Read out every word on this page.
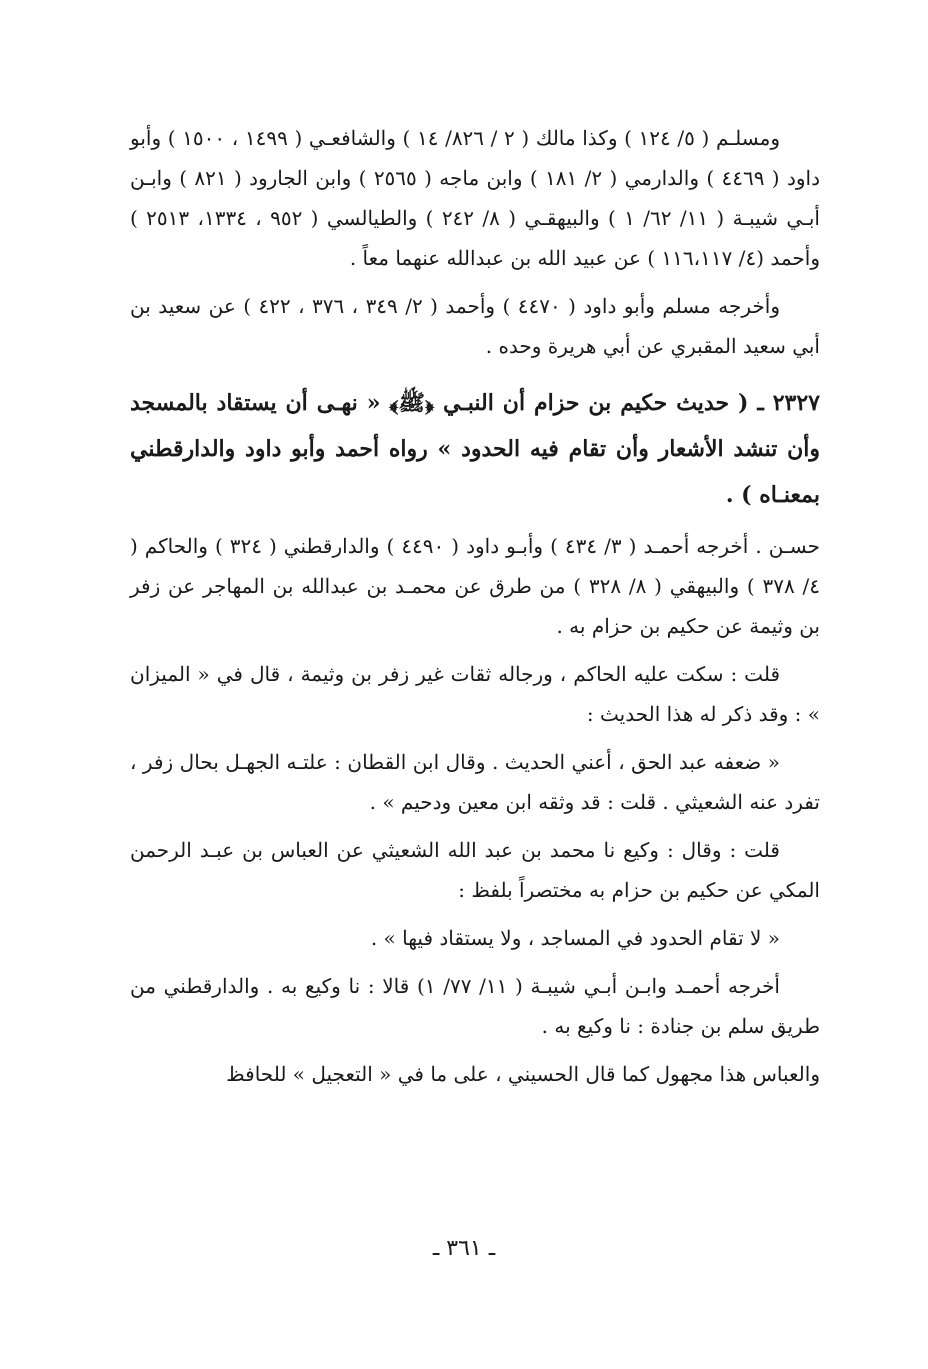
ومسلـم ( ٥/ ١٢٤ ) وكذا مالك ( ٢ / ٨٢٦/ ١٤ ) والشافعـي ( ١٤٩٩ ، ١٥٠٠ ) وأبو داود ( ٤٤٦٩ ) والدارمي ( ٢/ ١٨١ ) وابن ماجه ( ٢٥٦٥ ) وابن الجارود ( ٨٢١ ) وابـن أبـي شيبـة ( ١١/ ٦٢/ ١ ) والبيهقـي ( ٨/ ٢٤٢ ) والطيالسي ( ٩٥٢ ، ١٣٣٤، ٢٥١٣ ) وأحمد (٤/ ١١٦،١١٧ ) عن عبيد الله بن عبدالله عنهما معاً .

وأخرجه مسلم وأبو داود ( ٤٤٧٠ ) وأحمد ( ٢/ ٣٤٩ ، ٣٧٦ ، ٤٢٢ ) عن سعيد بن أبي سعيد المقبري عن أبي هريرة وحده .

٢٣٢٧ ـ ( حديث حكيم بن حزام أن النبـي ﴿ﷺ﴾ « نهـى أن يستقاد بالمسجد وأن تنشد الأشعار وأن تقام فيه الحدود » رواه أحمد وأبو داود والدارقطني بمعنـاه ) .

حسـن . أخرجه أحمـد ( ٣/ ٤٣٤ ) وأبـو داود ( ٤٤٩٠ ) والدارقطني ( ٣٢٤ ) والحاكم ( ٤/ ٣٧٨ ) والبيهقي ( ٨/ ٣٢٨ ) من طرق عن محمـد بن عبدالله بن المهاجر عن زفر بن وثيمة عن حكيم بن حزام به .

قلت : سكت عليه الحاكم ، ورجاله ثقات غير زفر بن وثيمة ، قال في « الميزان » : وقد ذكر له هذا الحديث :

« ضعفه عبد الحق ، أعني الحديث . وقال ابن القطان : علتـه الجهـل بحال زفر ، تفرد عنه الشعيثي . قلت : قد وثقه ابن معين ودحيم » .

قلت : وقال : وكيع نا محمد بن عبد الله الشعيثي عن العباس بن عبـد الرحمن المكي عن حكيم بن حزام به مختصراً بلفظ :

« لا تقام الحدود في المساجد ، ولا يستقاد فيها » .

أخرجه أحمـد وابـن أبـي شيبـة ( ١١/ ٧٧/ ١) قالا : نا وكيع به . والدارقطني من طريق سلم بن جنادة : نا وكيع به .

والعباس هذا مجهول كما قال الحسيني ، على ما في « التعجيل » للحافظ

ـ ٣٦١ ـ
